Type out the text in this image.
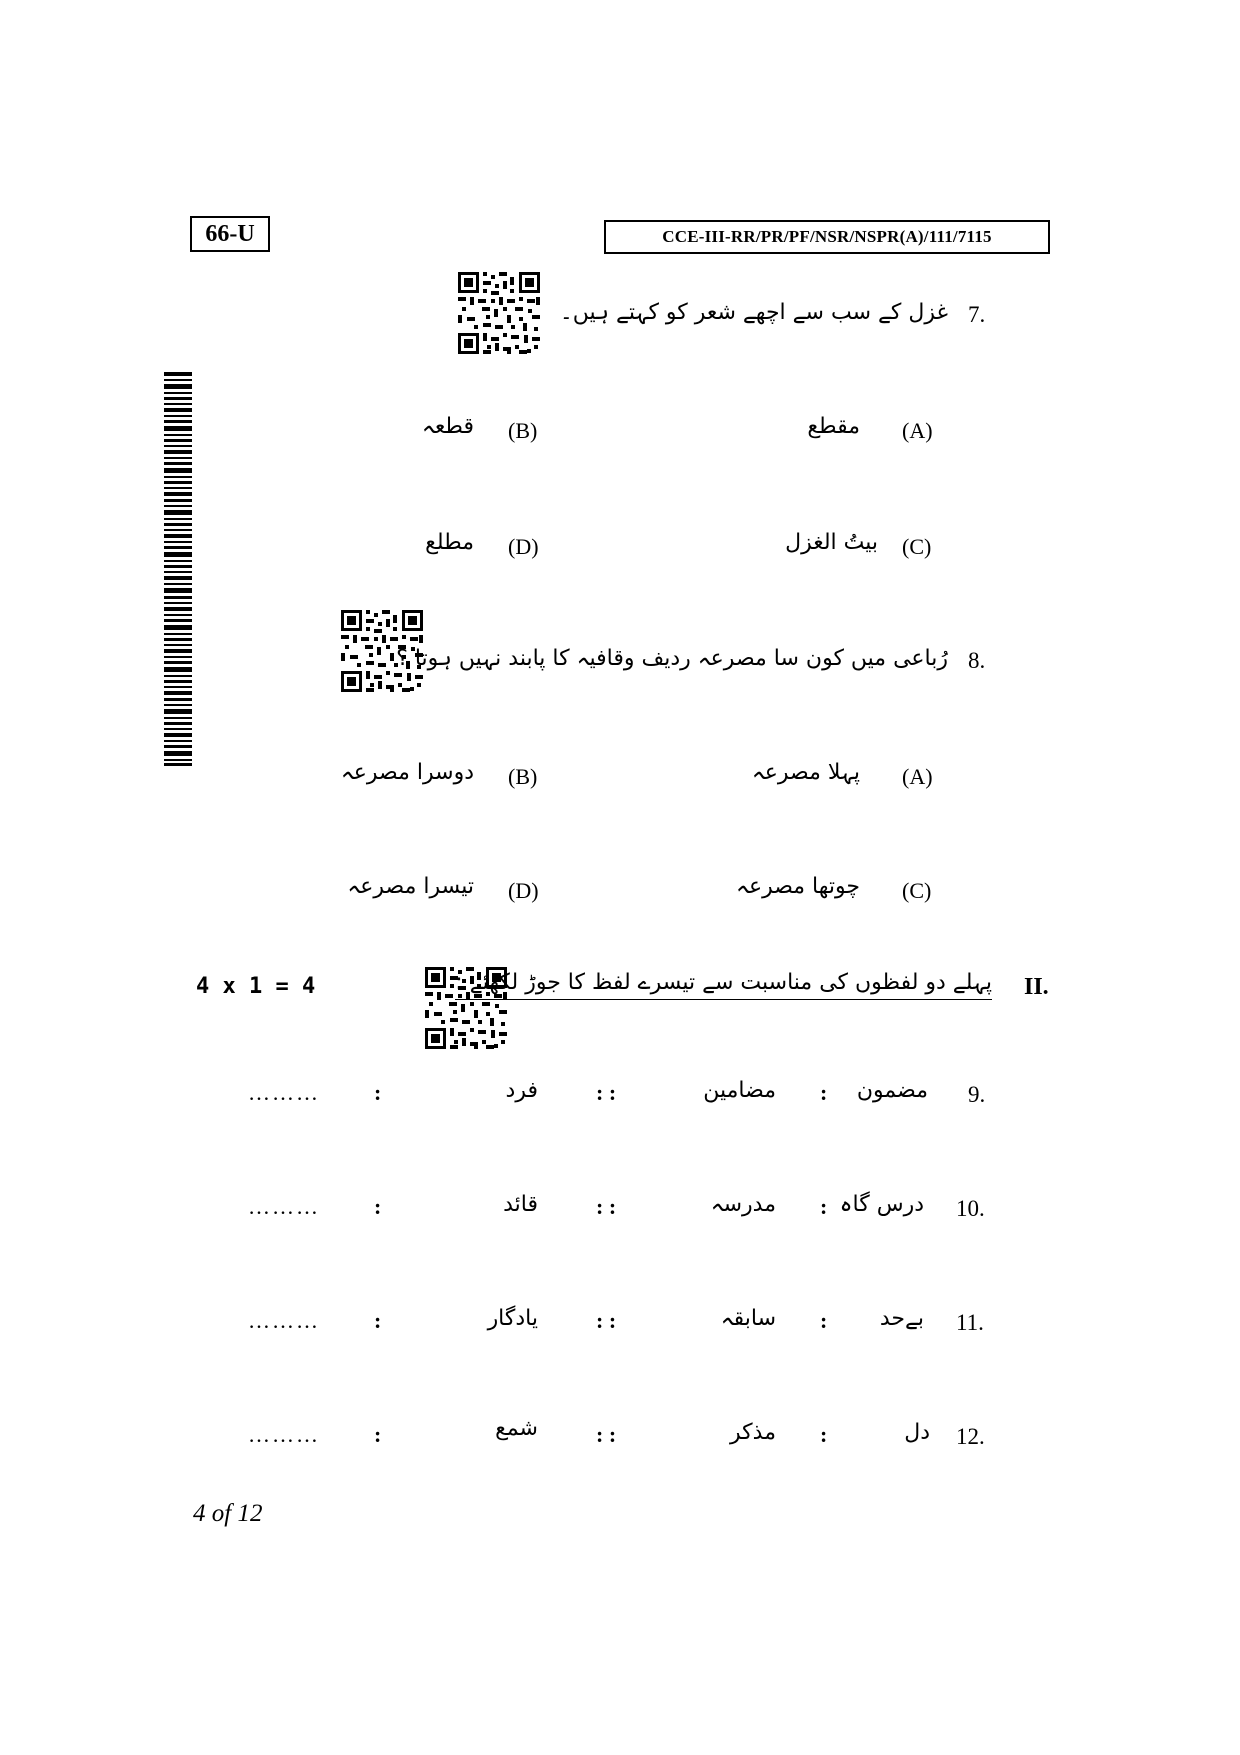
66-U	CCE-III-RR/PR/PF/NSR/NSPR(A)/111/7115
7.
غزل کے سب سے اچھے شعر کو کہتے ہیں۔
(A)
مقطع
(B)
قطعہ
(C)
بیتُ الغزل
(D)
مطلع
8.
رُباعی میں کون سا مصرعہ ردیف وقافیہ کا پابند نہیں ہوتا ؟
(A)
پہلا مصرعہ
(B)
دوسرا مصرعہ
(C)
چوتھا مصرعہ
(D)
تیسرا مصرعہ
4 x 1 = 4	II.
پہلے دو لفظوں کی مناسبت سے تیسرے لفظ کا جوڑ لکھئے :
9.
مضمون
:
مضامین
: :
فرد
:
………
10.
درس گاہ
:
مدرسہ
: :
قائد
:
………
11.
بےحد
:
سابقہ
: :
یادگار
:
………
12.
دل
:
مذکر
: :
شمع
:
………
4 of 12
